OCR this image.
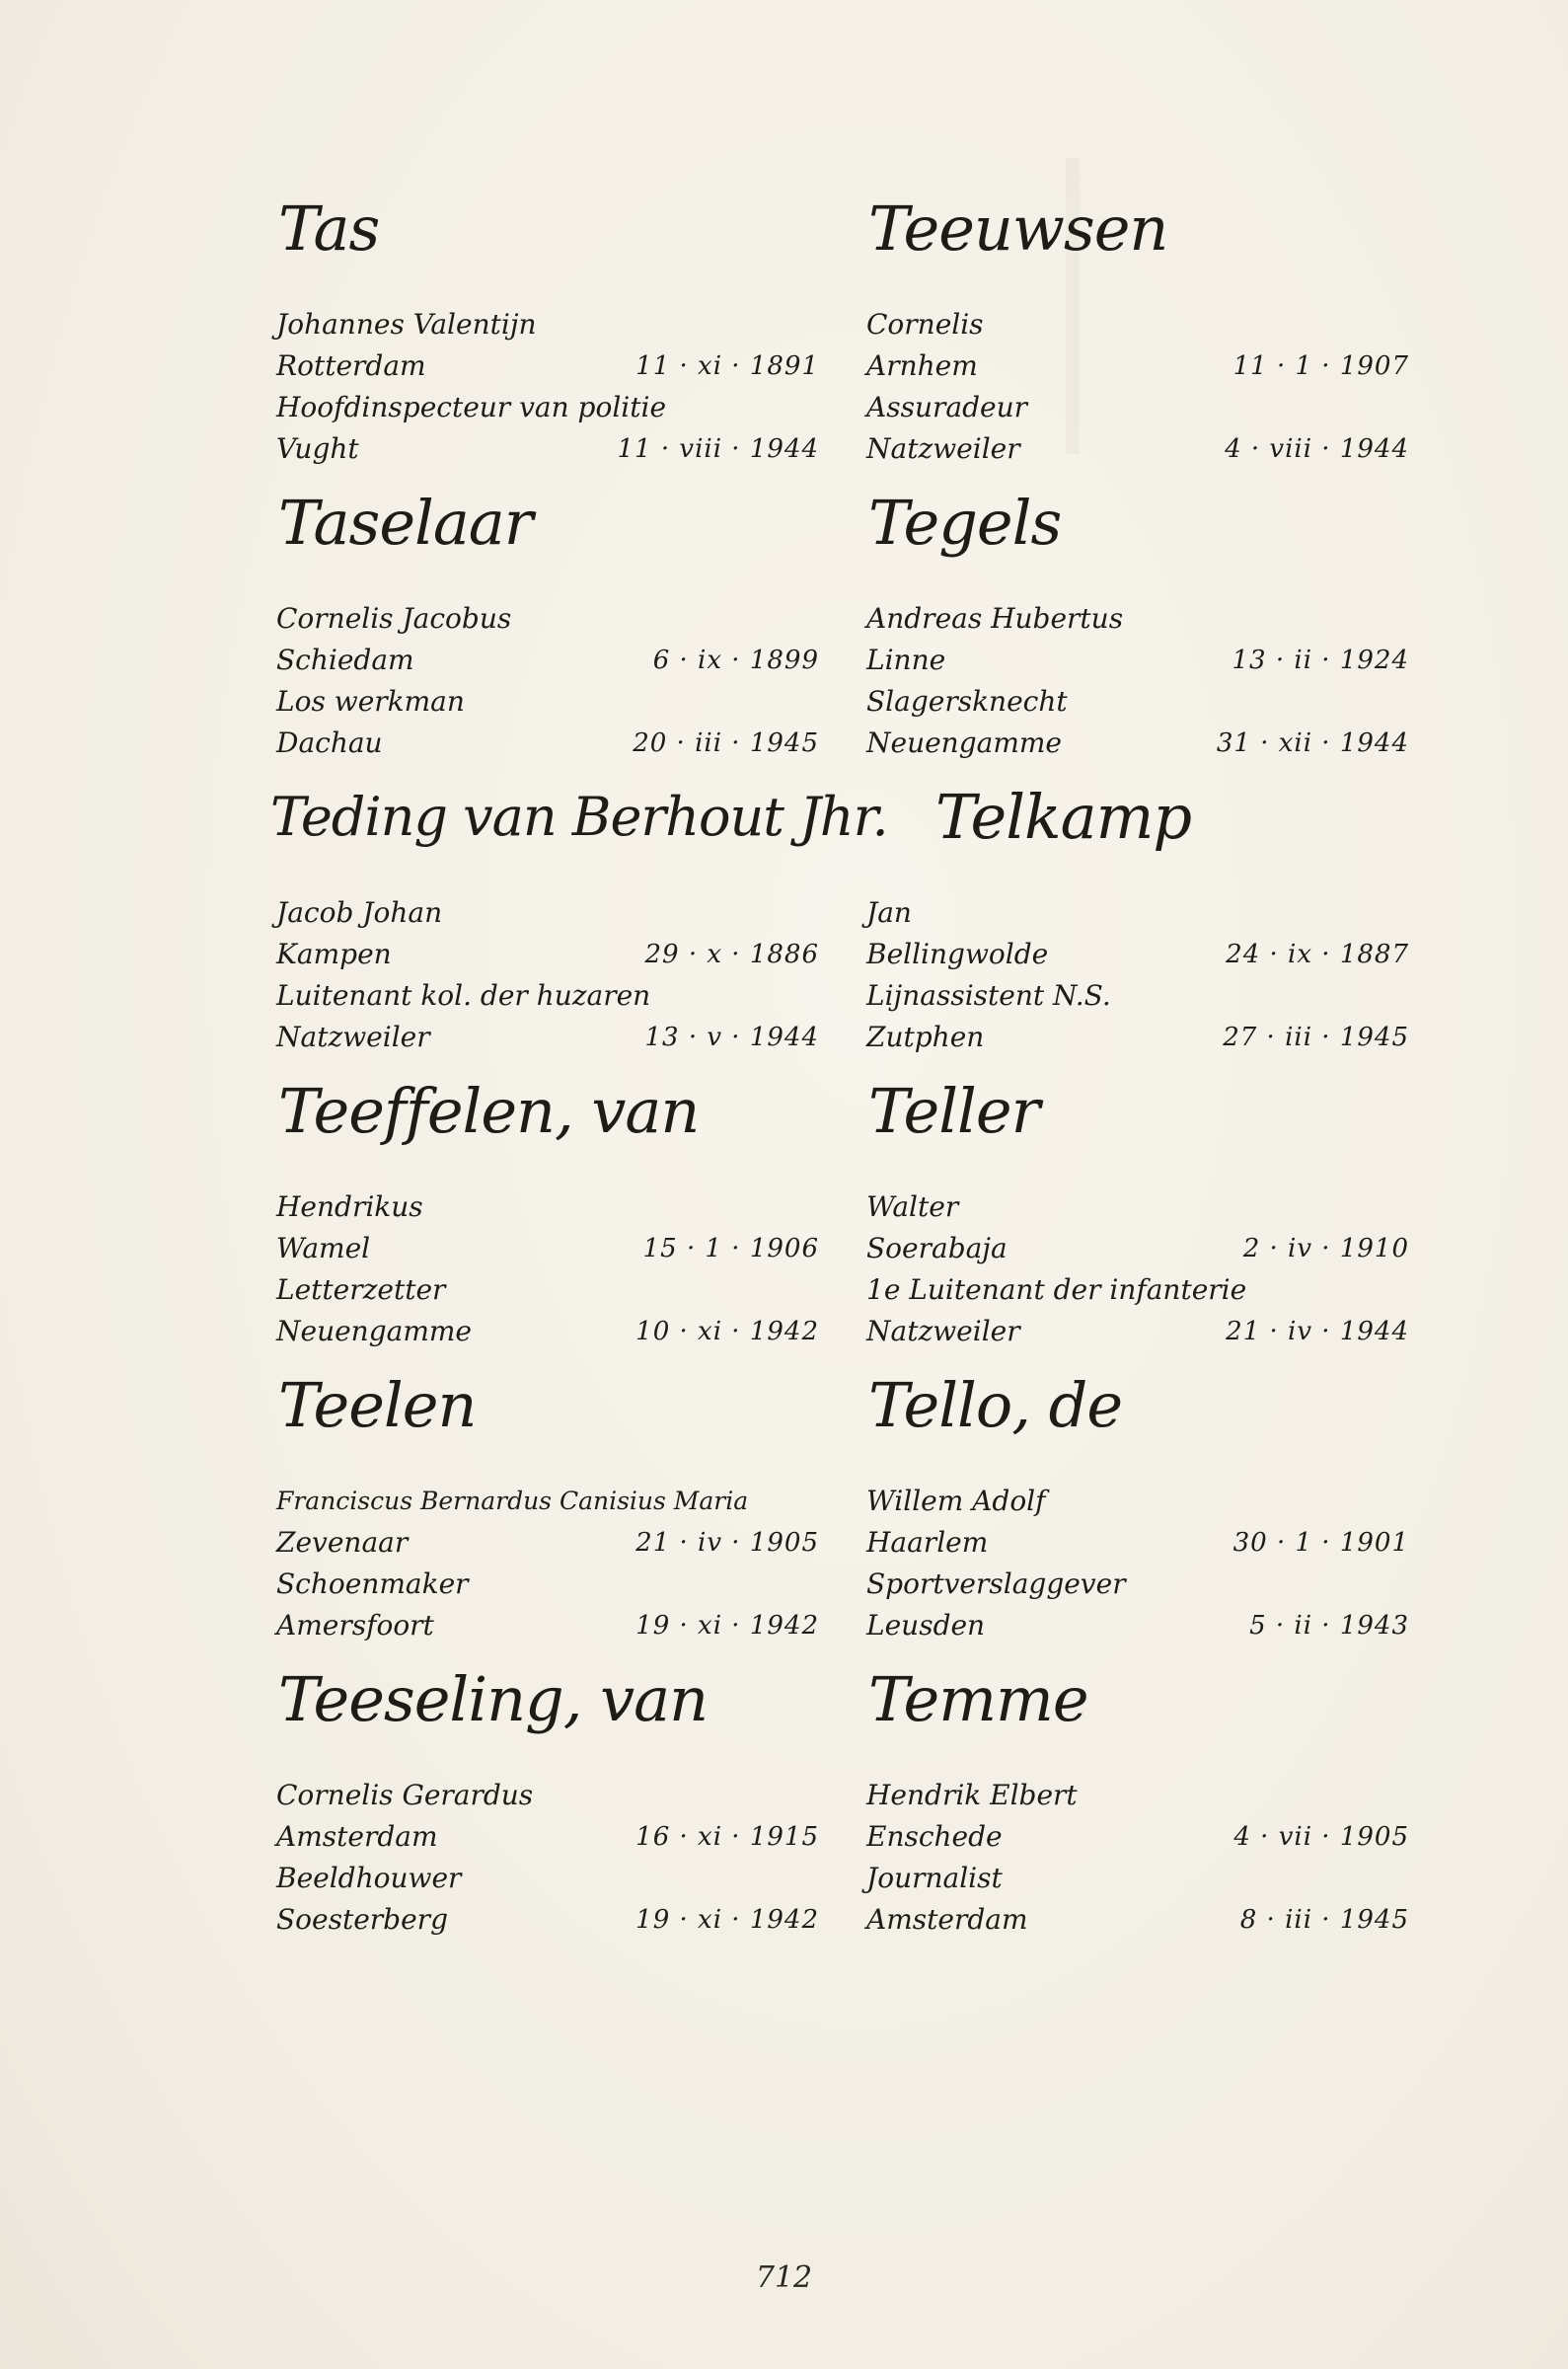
Tas
Johannes Valentijn
Rotterdam	11 · xi · 1891
Hoofdinspecteur van politie
Vught	11 · viii · 1944
Taselaar
Cornelis Jacobus
Schiedam	6 · ix · 1899
Los werkman
Dachau	20 · iii · 1945
Teding van Berhout Jhr.
Jacob Johan
Kampen	29 · x · 1886
Luitenant kol. der huzaren
Natzweiler	13 · v · 1944
Teeffelen, van
Hendrikus
Wamel	15 · 1 · 1906
Letterzetter
Neuengamme	10 · xi · 1942
Teelen
Franciscus Bernardus Canisius Maria
Zevenaar	21 · iv · 1905
Schoenmaker
Amersfoort	19 · xi · 1942
Teeseling, van
Cornelis Gerardus
Amsterdam	16 · xi · 1915
Beeldhouwer
Soesterberg	19 · xi · 1942
Teeuwsen
Cornelis
Arnhem	11 · 1 · 1907
Assuradeur
Natzweiler	4 · viii · 1944
Tegels
Andreas Hubertus
Linne	13 · ii · 1924
Slagersknecht
Neuengamme	31 · xii · 1944
Telkamp
Jan
Bellingwolde	24 · ix · 1887
Lijnassistent N.S.
Zutphen	27 · iii · 1945
Teller
Walter
Soerabaja	2 · iv · 1910
1e Luitenant der infanterie
Natzweiler	21 · iv · 1944
Tello, de
Willem Adolf
Haarlem	30 · 1 · 1901
Sportverslaggever
Leusden	5 · ii · 1943
Temme
Hendrik Elbert
Enschede	4 · vii · 1905
Journalist
Amsterdam	8 · iii · 1945
712
